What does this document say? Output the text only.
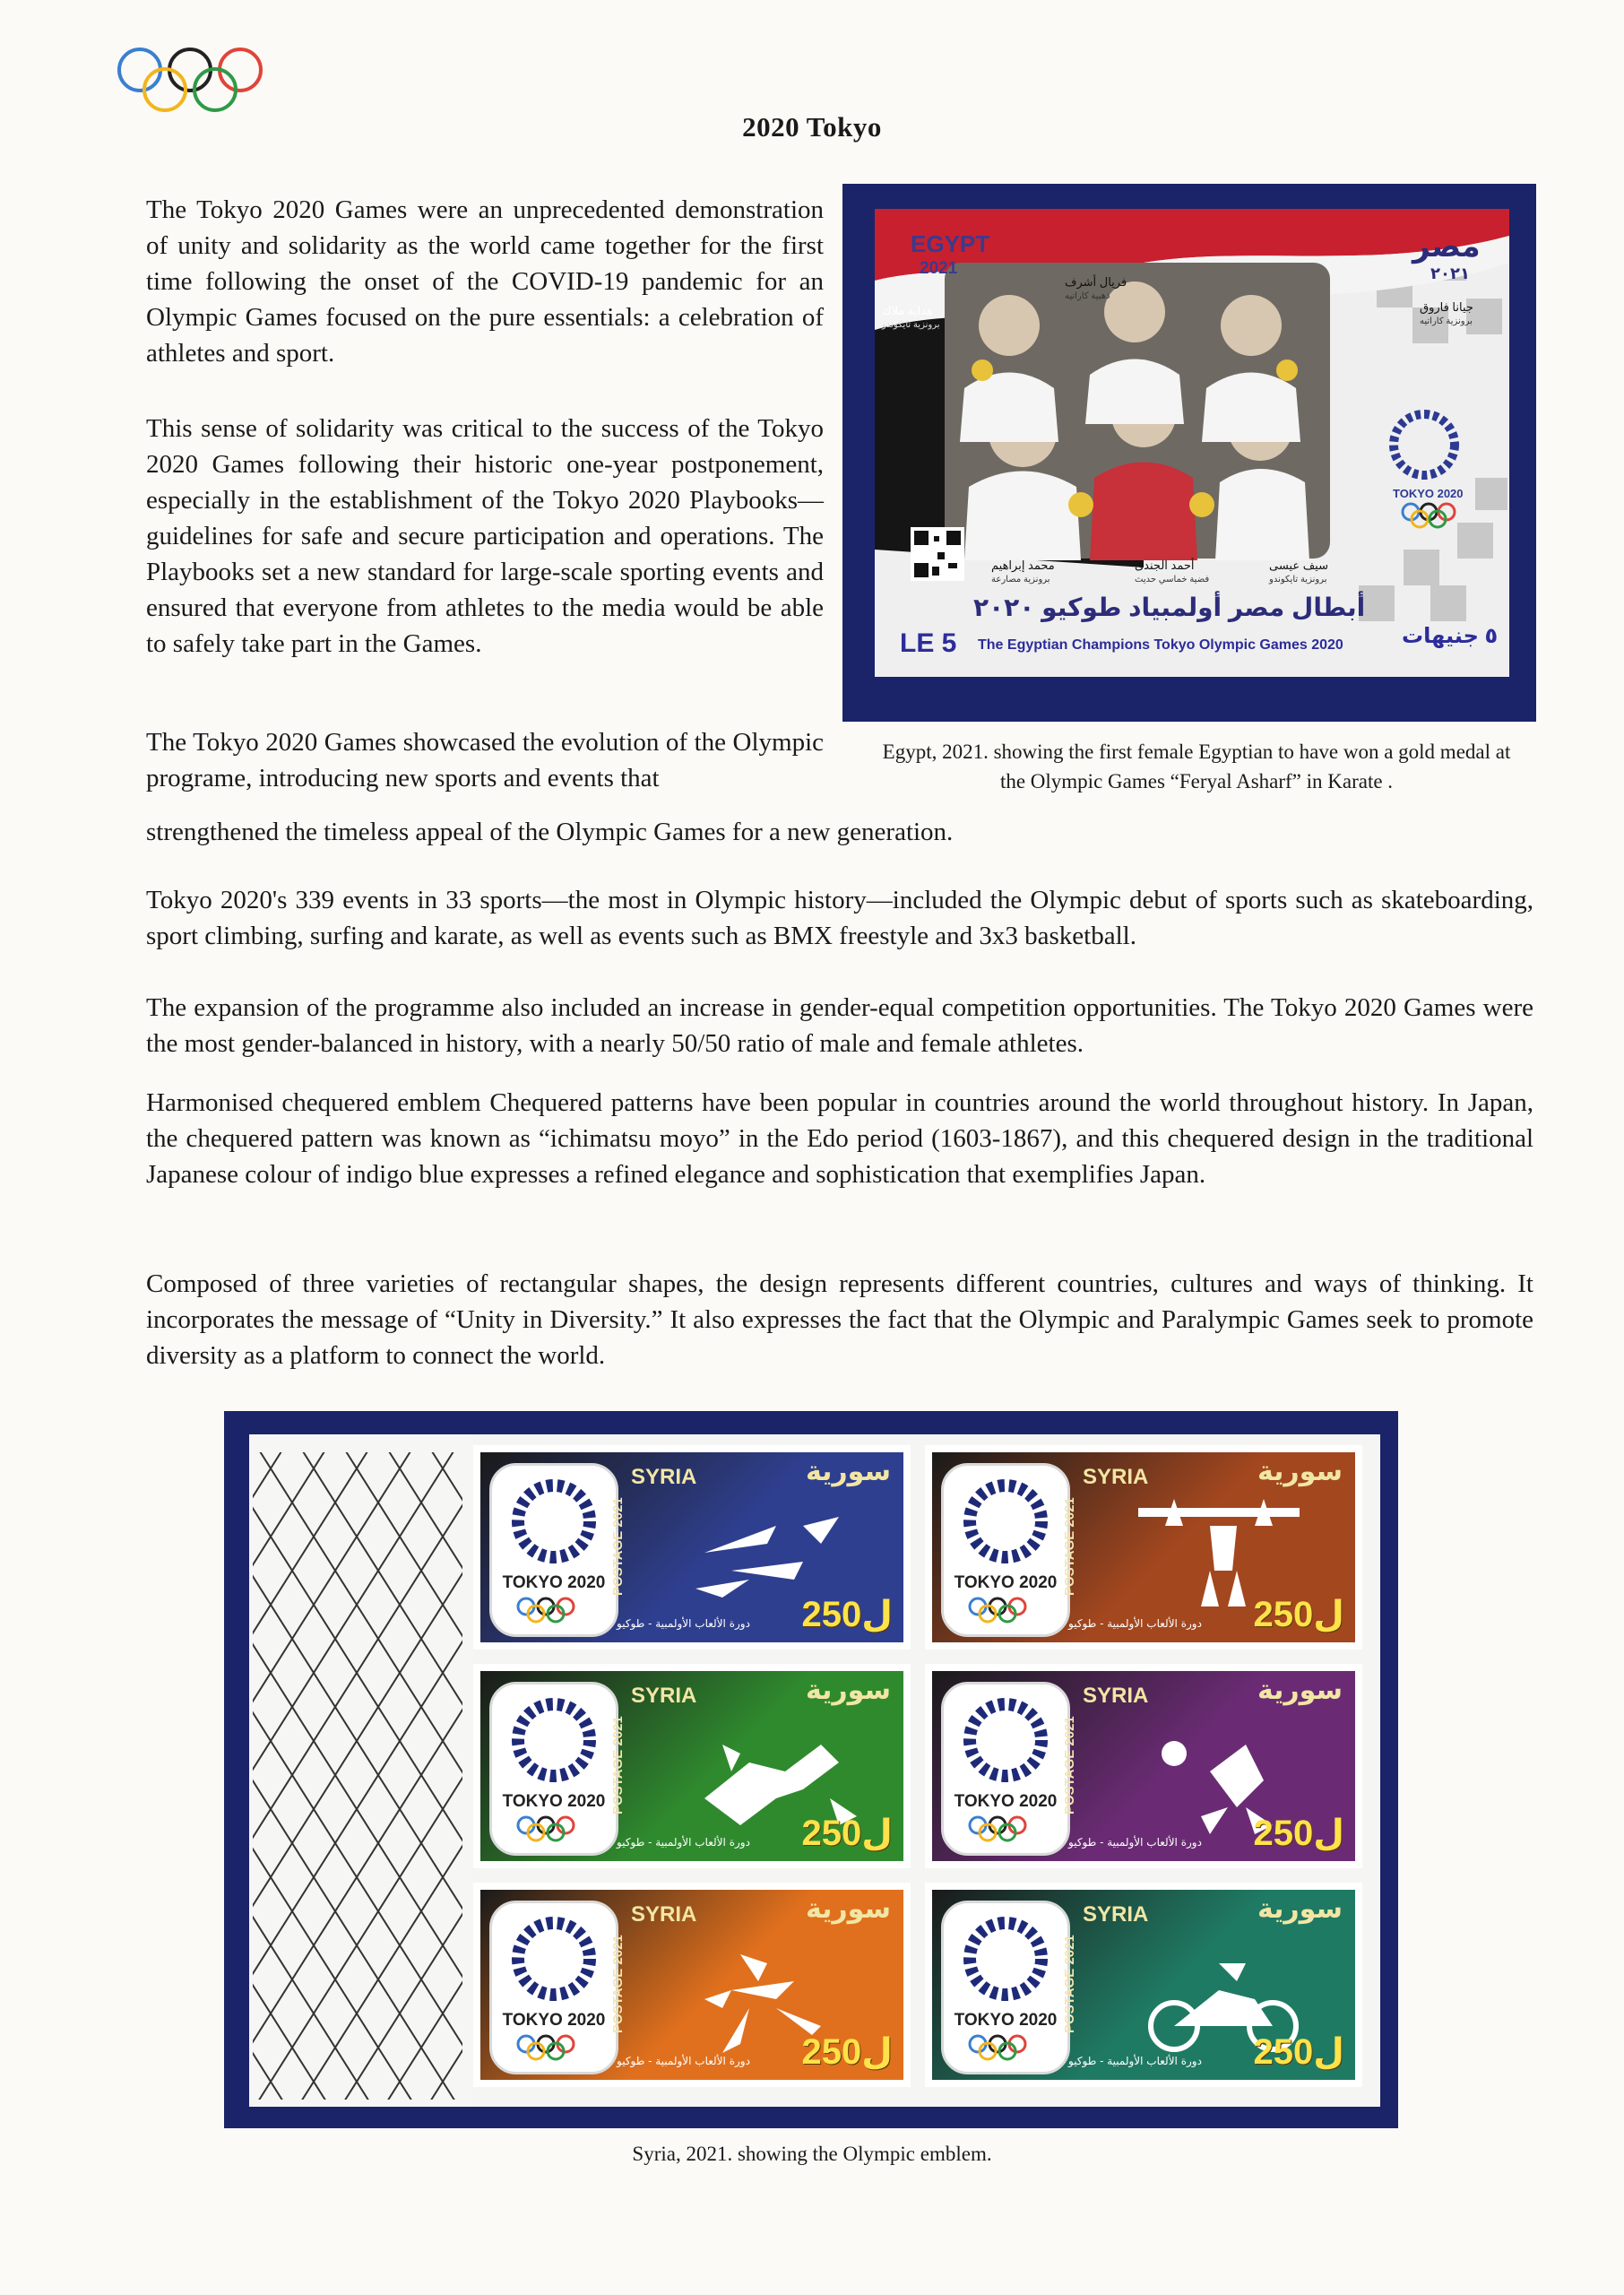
2020 Tokyo

The Tokyo 2020 Games were an unprecedented demonstration of unity and solidarity as the world came together for the first time following the onset of the COVID-19 pandemic for an Olympic Games focused on the pure essentials: a celebration of athletes and sport.

This sense of solidarity was critical to the success of the Tokyo 2020 Games following their historic one-year postponement, especially in the establishment of the Tokyo 2020 Playbooks—guidelines for safe and secure participation and operations. The Playbooks set a new standard for large-scale sporting events and ensured that everyone from athletes to the media would be able to safely take part in the Games.

The Tokyo 2020 Games showcased the evolution of the Olympic programe, introducing new sports and events that

strengthened the timeless appeal of the Olympic Games for a new generation.

Tokyo 2020's 339 events in 33 sports—the most in Olympic history—included the Olympic debut of sports such as skateboarding, sport climbing, surfing and karate, as well as events such as BMX freestyle and 3x3 basketball.

The expansion of the programme also included an increase in gender-equal competition opportunities. The Tokyo 2020 Games were the most gender-balanced in history, with a nearly 50/50 ratio of male and female athletes.

Harmonised chequered emblem Chequered patterns have been popular in countries around the world throughout history. In Japan, the chequered pattern was known as “ichimatsu moyo” in the Edo period (1603-1867), and this chequered design in the traditional Japanese colour of indigo blue expresses a refined elegance and sophistication that exemplifies Japan.

Composed of three varieties of rectangular shapes, the design represents different countries, cultures and ways of thinking. It incorporates the message of “Unity in Diversity.” It also expresses the fact that the Olympic and Paralympic Games seek to promote diversity as a platform to connect the world.

EGYPT
2021
مصر
٢٠٢١
TOKYO 2020
هداية ملاك
برونزية تايكوندو
فريال أشرف
ذهبية كاراتيه
جيانا فاروق
برونزية كاراتيه
محمد إبراهيم
برونزية مصارعة
أحمد الجندى
فضية خماسي حديث
سيف عيسى
برونزية تايكوندو
أبطال مصر أولمبياد طوكيو ٢٠٢٠
LE 5 The Egyptian Champions Tokyo Olympic Games 2020	٥ جنيهات
Egypt, 2021. showing the first female Egyptian to have won a gold medal at the Olympic Games “Feryal Asharf” in Karate .
TOKYO 2020
SYRIA	سورية
POSTAGE 2021
دورة الألعاب الأولمبية - طوكيو ل250
TOKYO 2020
SYRIA	سورية
POSTAGE 2021
دورة الألعاب الأولمبية - طوكيو ل250
TOKYO 2020
SYRIA	سورية
POSTAGE 2021
دورة الألعاب الأولمبية - طوكيو ل250
TOKYO 2020
SYRIA	سورية
POSTAGE 2021
دورة الألعاب الأولمبية - طوكيو ل250
TOKYO 2020
SYRIA	سورية
POSTAGE 2021
دورة الألعاب الأولمبية - طوكيو ل250
TOKYO 2020
SYRIA	سورية
POSTAGE 2021
دورة الألعاب الأولمبية - طوكيو ل250
Syria, 2021. showing the Olympic emblem.
